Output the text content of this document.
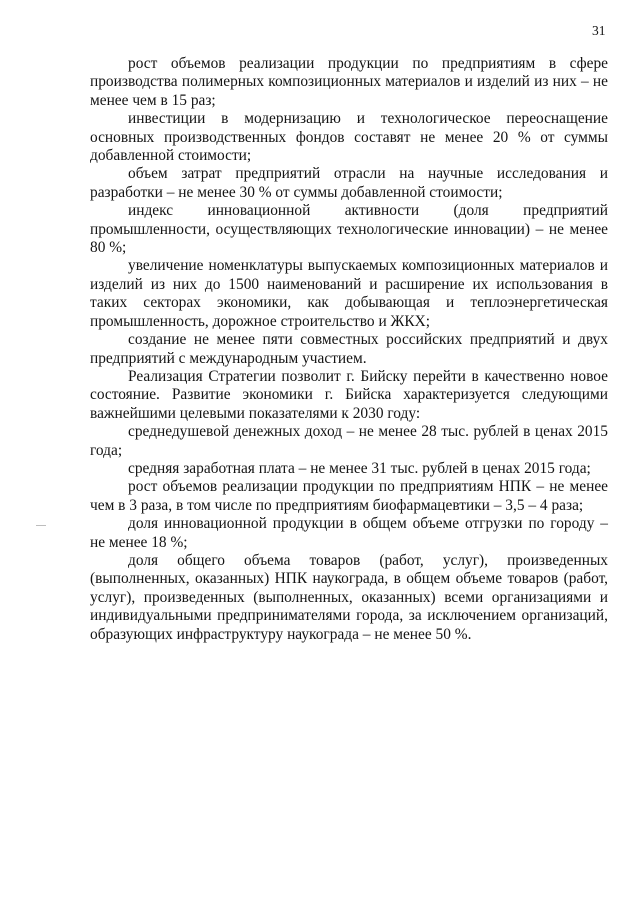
31

рост объемов реализации продукции по предприятиям в сфере производства полимерных композиционных материалов и изделий из них – не менее чем в 15 раз;

инвестиции в модернизацию и технологическое переоснащение основных производственных фондов составят не менее 20 % от суммы добавленной стоимости;

объем затрат предприятий отрасли на научные исследования и разработки – не менее 30 % от суммы добавленной стоимости;

индекс инновационной активности (доля предприятий промышленности, осуществляющих технологические инновации) – не менее 80 %;

увеличение номенклатуры выпускаемых композиционных материалов и изделий из них до 1500 наименований и расширение их использования в таких секторах экономики, как добывающая и теплоэнергетическая промышленность, дорожное строительство и ЖКХ;

создание не менее пяти совместных российских предприятий и двух предприятий с международным участием.

Реализация Стратегии позволит г. Бийску перейти в качественно новое состояние. Развитие экономики г. Бийска характеризуется следующими важнейшими целевыми показателями к 2030 году:

среднедушевой денежных доход – не менее 28 тыс. рублей в ценах 2015 года;

средняя заработная плата – не менее 31 тыс. рублей в ценах 2015 года;

рост объемов реализации продукции по предприятиям НПК – не менее чем в 3 раза, в том числе по предприятиям биофармацевтики – 3,5 – 4 раза;

доля инновационной продукции в общем объеме отгрузки по городу – не менее 18 %;

доля общего объема товаров (работ, услуг), произведенных (выполненных, оказанных) НПК наукограда, в общем объеме товаров (работ, услуг), произведенных (выполненных, оказанных) всеми организациями и индивидуальными предпринимателями города, за исключением организаций, образующих инфраструктуру наукограда – не менее 50 %.
